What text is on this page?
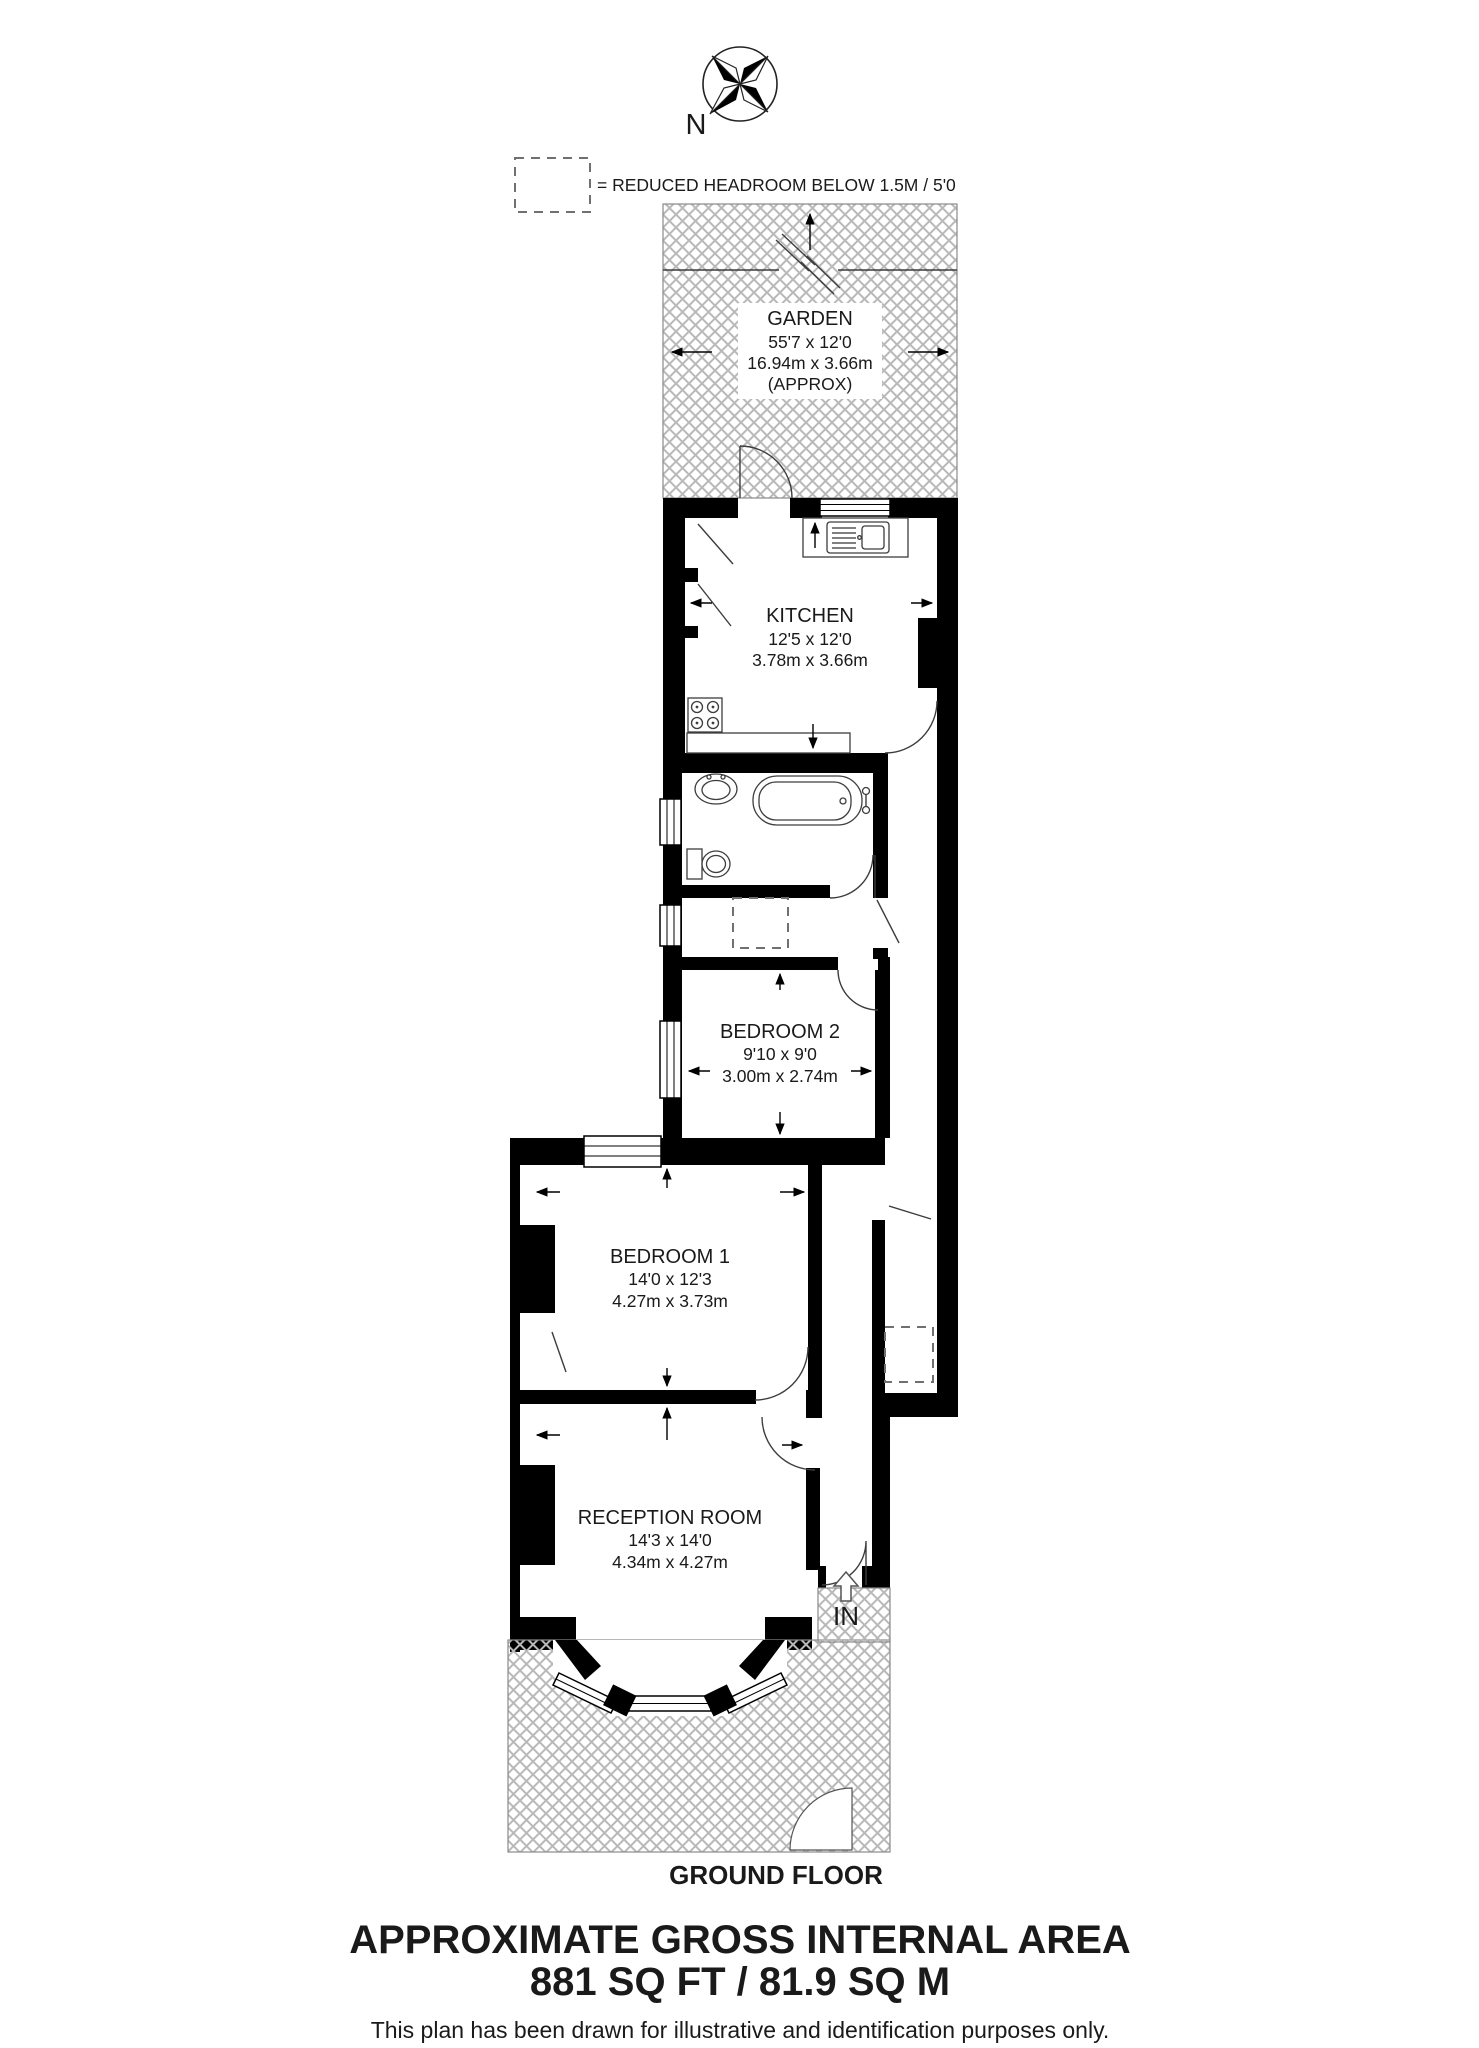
N
= REDUCED HEADROOM BELOW 1.5M / 5'0
GARDEN
55'7 x 12'0
16.94m x 3.66m
(APPROX)
KITCHEN
12'5 x 12'0
3.78m x 3.66m
BEDROOM 2
9'10 x 9'0
3.00m x 2.74m
BEDROOM 1
14'0 x 12'3
4.27m x 3.73m
RECEPTION ROOM
14'3 x 14'0
4.34m x 4.27m
IN
GROUND FLOOR
APPROXIMATE GROSS INTERNAL AREA
881 SQ FT / 81.9 SQ M
This plan has been drawn for illustrative and identification purposes only.
